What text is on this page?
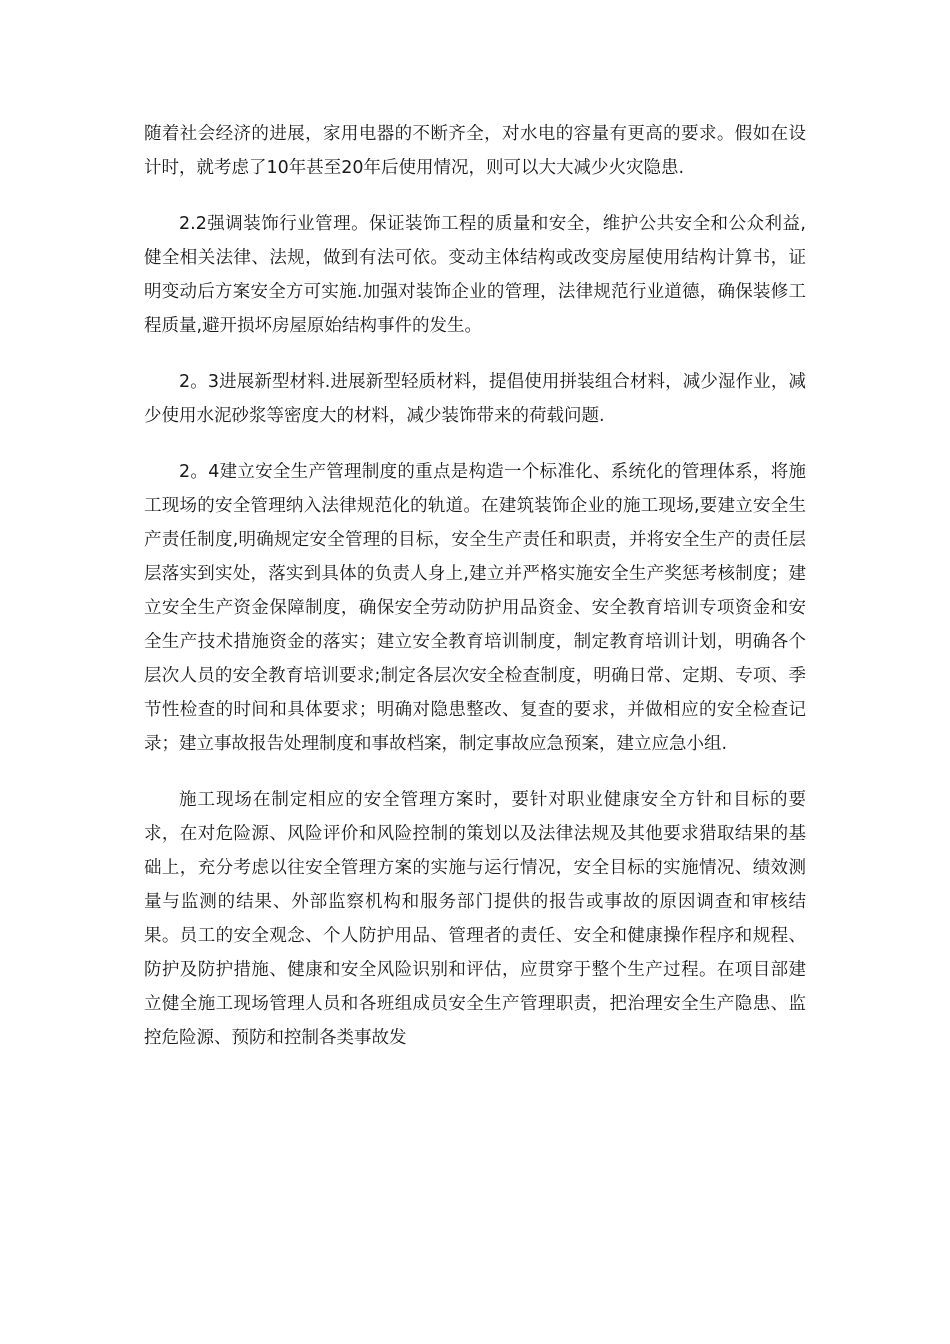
随着社会经济的进展，家用电器的不断齐全，对水电的容量有更高的要求。假如在设计时，就考虑了10年甚至20年后使用情况，则可以大大减少火灾隐患.

2.2强调装饰行业管理。保证装饰工程的质量和安全，维护公共安全和公众利益,健全相关法律、法规，做到有法可依。变动主体结构或改变房屋使用结构计算书，证明变动后方案安全方可实施.加强对装饰企业的管理，法律规范行业道德，确保装修工程质量,避开损坏房屋原始结构事件的发生。

2。3进展新型材料.进展新型轻质材料，提倡使用拼装组合材料，减少湿作业，减少使用水泥砂浆等密度大的材料，减少装饰带来的荷载问题.

2。4建立安全生产管理制度的重点是构造一个标准化、系统化的管理体系，将施工现场的安全管理纳入法律规范化的轨道。在建筑装饰企业的施工现场,要建立安全生产责任制度,明确规定安全管理的目标，安全生产责任和职责，并将安全生产的责任层层落实到实处，落实到具体的负责人身上,建立并严格实施安全生产奖惩考核制度；建立安全生产资金保障制度，确保安全劳动防护用品资金、安全教育培训专项资金和安全生产技术措施资金的落实；建立安全教育培训制度，制定教育培训计划，明确各个层次人员的安全教育培训要求;制定各层次安全检查制度，明确日常、定期、专项、季节性检查的时间和具体要求；明确对隐患整改、复查的要求，并做相应的安全检查记录；建立事故报告处理制度和事故档案，制定事故应急预案，建立应急小组.

施工现场在制定相应的安全管理方案时，要针对职业健康安全方针和目标的要求，在对危险源、风险评价和风险控制的策划以及法律法规及其他要求猎取结果的基础上，充分考虑以往安全管理方案的实施与运行情况，安全目标的实施情况、绩效测量与监测的结果、外部监察机构和服务部门提供的报告或事故的原因调查和审核结果。员工的安全观念、个人防护用品、管理者的责任、安全和健康操作程序和规程、防护及防护措施、健康和安全风险识别和评估，应贯穿于整个生产过程。在项目部建立健全施工现场管理人员和各班组成员安全生产管理职责，把治理安全生产隐患、监控危险源、预防和控制各类事故发
